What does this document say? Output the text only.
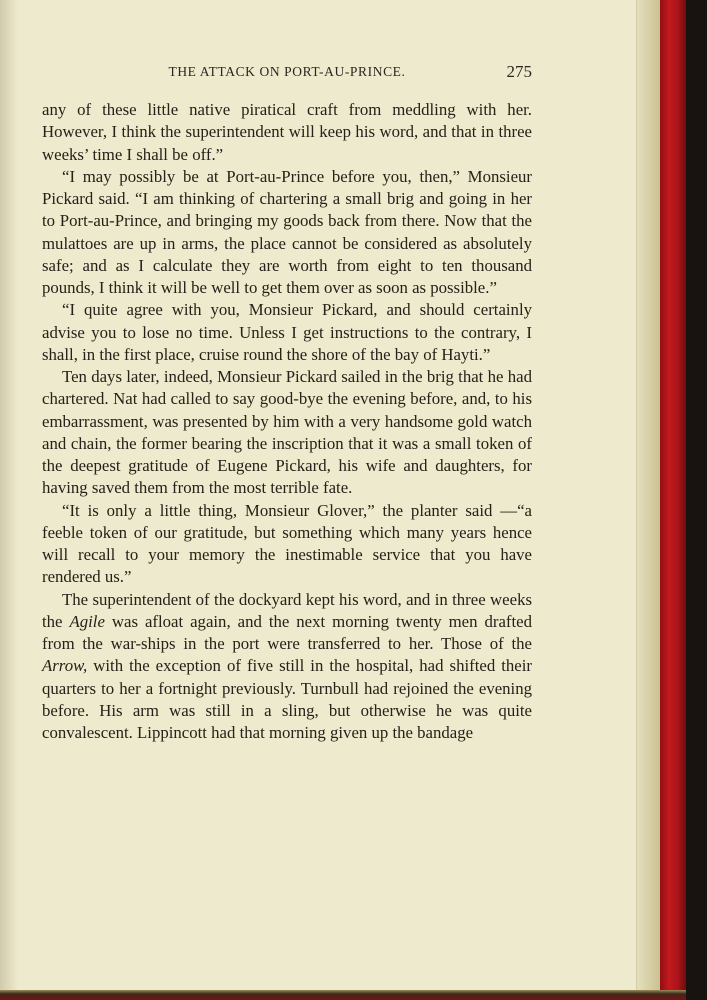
THE ATTACK ON PORT-AU-PRINCE.	275

any of these little native piratical craft from meddling with her. However, I think the superintendent will keep his word, and that in three weeks’ time I shall be off.”

“I may possibly be at Port-au-Prince before you, then,” Monsieur Pickard said. “I am thinking of chartering a small brig and going in her to Port-au-Prince, and bringing my goods back from there. Now that the mulattoes are up in arms, the place cannot be considered as absolutely safe; and as I calculate they are worth from eight to ten thousand pounds, I think it will be well to get them over as soon as possible.”

“I quite agree with you, Monsieur Pickard, and should certainly advise you to lose no time. Unless I get instructions to the contrary, I shall, in the first place, cruise round the shore of the bay of Hayti.”

Ten days later, indeed, Monsieur Pickard sailed in the brig that he had chartered. Nat had called to say good-bye the evening before, and, to his embarrassment, was presented by him with a very handsome gold watch and chain, the former bearing the inscription that it was a small token of the deepest gratitude of Eugene Pickard, his wife and daughters, for having saved them from the most terrible fate.

“It is only a little thing, Monsieur Glover,” the planter said —“a feeble token of our gratitude, but something which many years hence will recall to your memory the inestimable service that you have rendered us.”

The superintendent of the dockyard kept his word, and in three weeks the Agile was afloat again, and the next morning twenty men drafted from the war-ships in the port were transferred to her. Those of the Arrow, with the exception of five still in the hospital, had shifted their quarters to her a fortnight previously. Turnbull had rejoined the evening before. His arm was still in a sling, but otherwise he was quite convalescent. Lippincott had that morning given up the bandage
